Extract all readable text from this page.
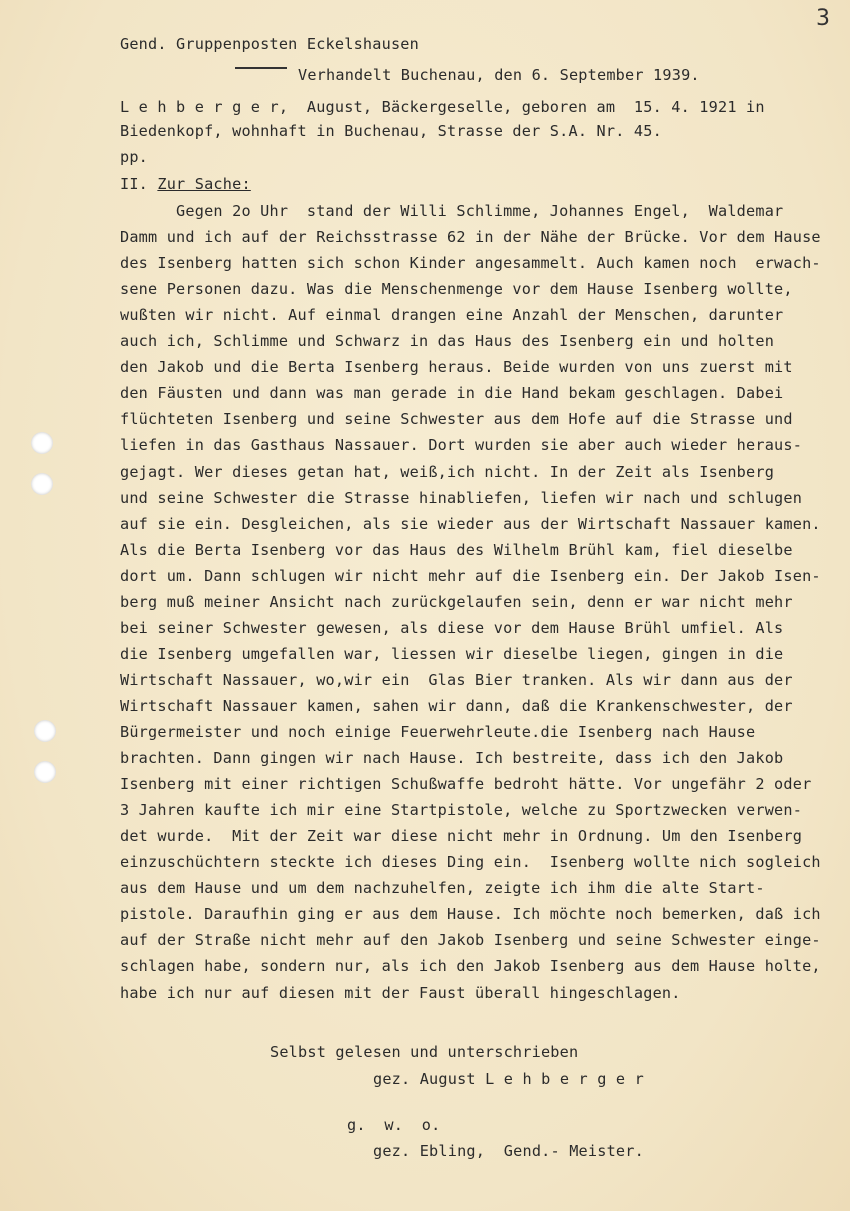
3
Gend. Gruppenposten Eckelshausen
Verhandelt Buchenau, den 6. September 1939.
L e h b e r g e r,  August, Bäckergeselle, geboren am  15. 4. 1921 in
Biedenkopf, wohnhaft in Buchenau, Strasse der S.A. Nr. 45.
pp.
II. Zur Sache:
Gegen 2o Uhr  stand der Willi Schlimme, Johannes Engel,  Waldemar
Damm und ich auf der Reichsstrasse 62 in der Nähe der Brücke. Vor dem Hause
des Isenberg hatten sich schon Kinder angesammelt. Auch kamen noch  erwach-
sene Personen dazu. Was die Menschenmenge vor dem Hause Isenberg wollte,
wußten wir nicht. Auf einmal drangen eine Anzahl der Menschen, darunter
auch ich, Schlimme und Schwarz in das Haus des Isenberg ein und holten
den Jakob und die Berta Isenberg heraus. Beide wurden von uns zuerst mit
den Fäusten und dann was man gerade in die Hand bekam geschlagen. Dabei
flüchteten Isenberg und seine Schwester aus dem Hofe auf die Strasse und
liefen in das Gasthaus Nassauer. Dort wurden sie aber auch wieder heraus-
gejagt. Wer dieses getan hat, weiß,ich nicht. In der Zeit als Isenberg
und seine Schwester die Strasse hinabliefen, liefen wir nach und schlugen
auf sie ein. Desgleichen, als sie wieder aus der Wirtschaft Nassauer kamen.
Als die Berta Isenberg vor das Haus des Wilhelm Brühl kam, fiel dieselbe
dort um. Dann schlugen wir nicht mehr auf die Isenberg ein. Der Jakob Isen-
berg muß meiner Ansicht nach zurückgelaufen sein, denn er war nicht mehr
bei seiner Schwester gewesen, als diese vor dem Hause Brühl umfiel. Als
die Isenberg umgefallen war, liessen wir dieselbe liegen, gingen in die
Wirtschaft Nassauer, wo,wir ein  Glas Bier tranken. Als wir dann aus der
Wirtschaft Nassauer kamen, sahen wir dann, daß die Krankenschwester, der
Bürgermeister und noch einige Feuerwehrleute.die Isenberg nach Hause
brachten. Dann gingen wir nach Hause. Ich bestreite, dass ich den Jakob
Isenberg mit einer richtigen Schußwaffe bedroht hätte. Vor ungefähr 2 oder
3 Jahren kaufte ich mir eine Startpistole, welche zu Sportzwecken verwen-
det wurde.  Mit der Zeit war diese nicht mehr in Ordnung. Um den Isenberg
einzuschüchtern steckte ich dieses Ding ein.  Isenberg wollte nich sogleich
aus dem Hause und um dem nachzuhelfen, zeigte ich ihm die alte Start-
pistole. Daraufhin ging er aus dem Hause. Ich möchte noch bemerken, daß ich
auf der Straße nicht mehr auf den Jakob Isenberg und seine Schwester einge-
schlagen habe, sondern nur, als ich den Jakob Isenberg aus dem Hause holte,
habe ich nur auf diesen mit der Faust überall hingeschlagen.
Selbst gelesen und unterschrieben
gez. August L e h b e r g e r
g.  w.  o.
gez. Ebling,  Gend.- Meister.
